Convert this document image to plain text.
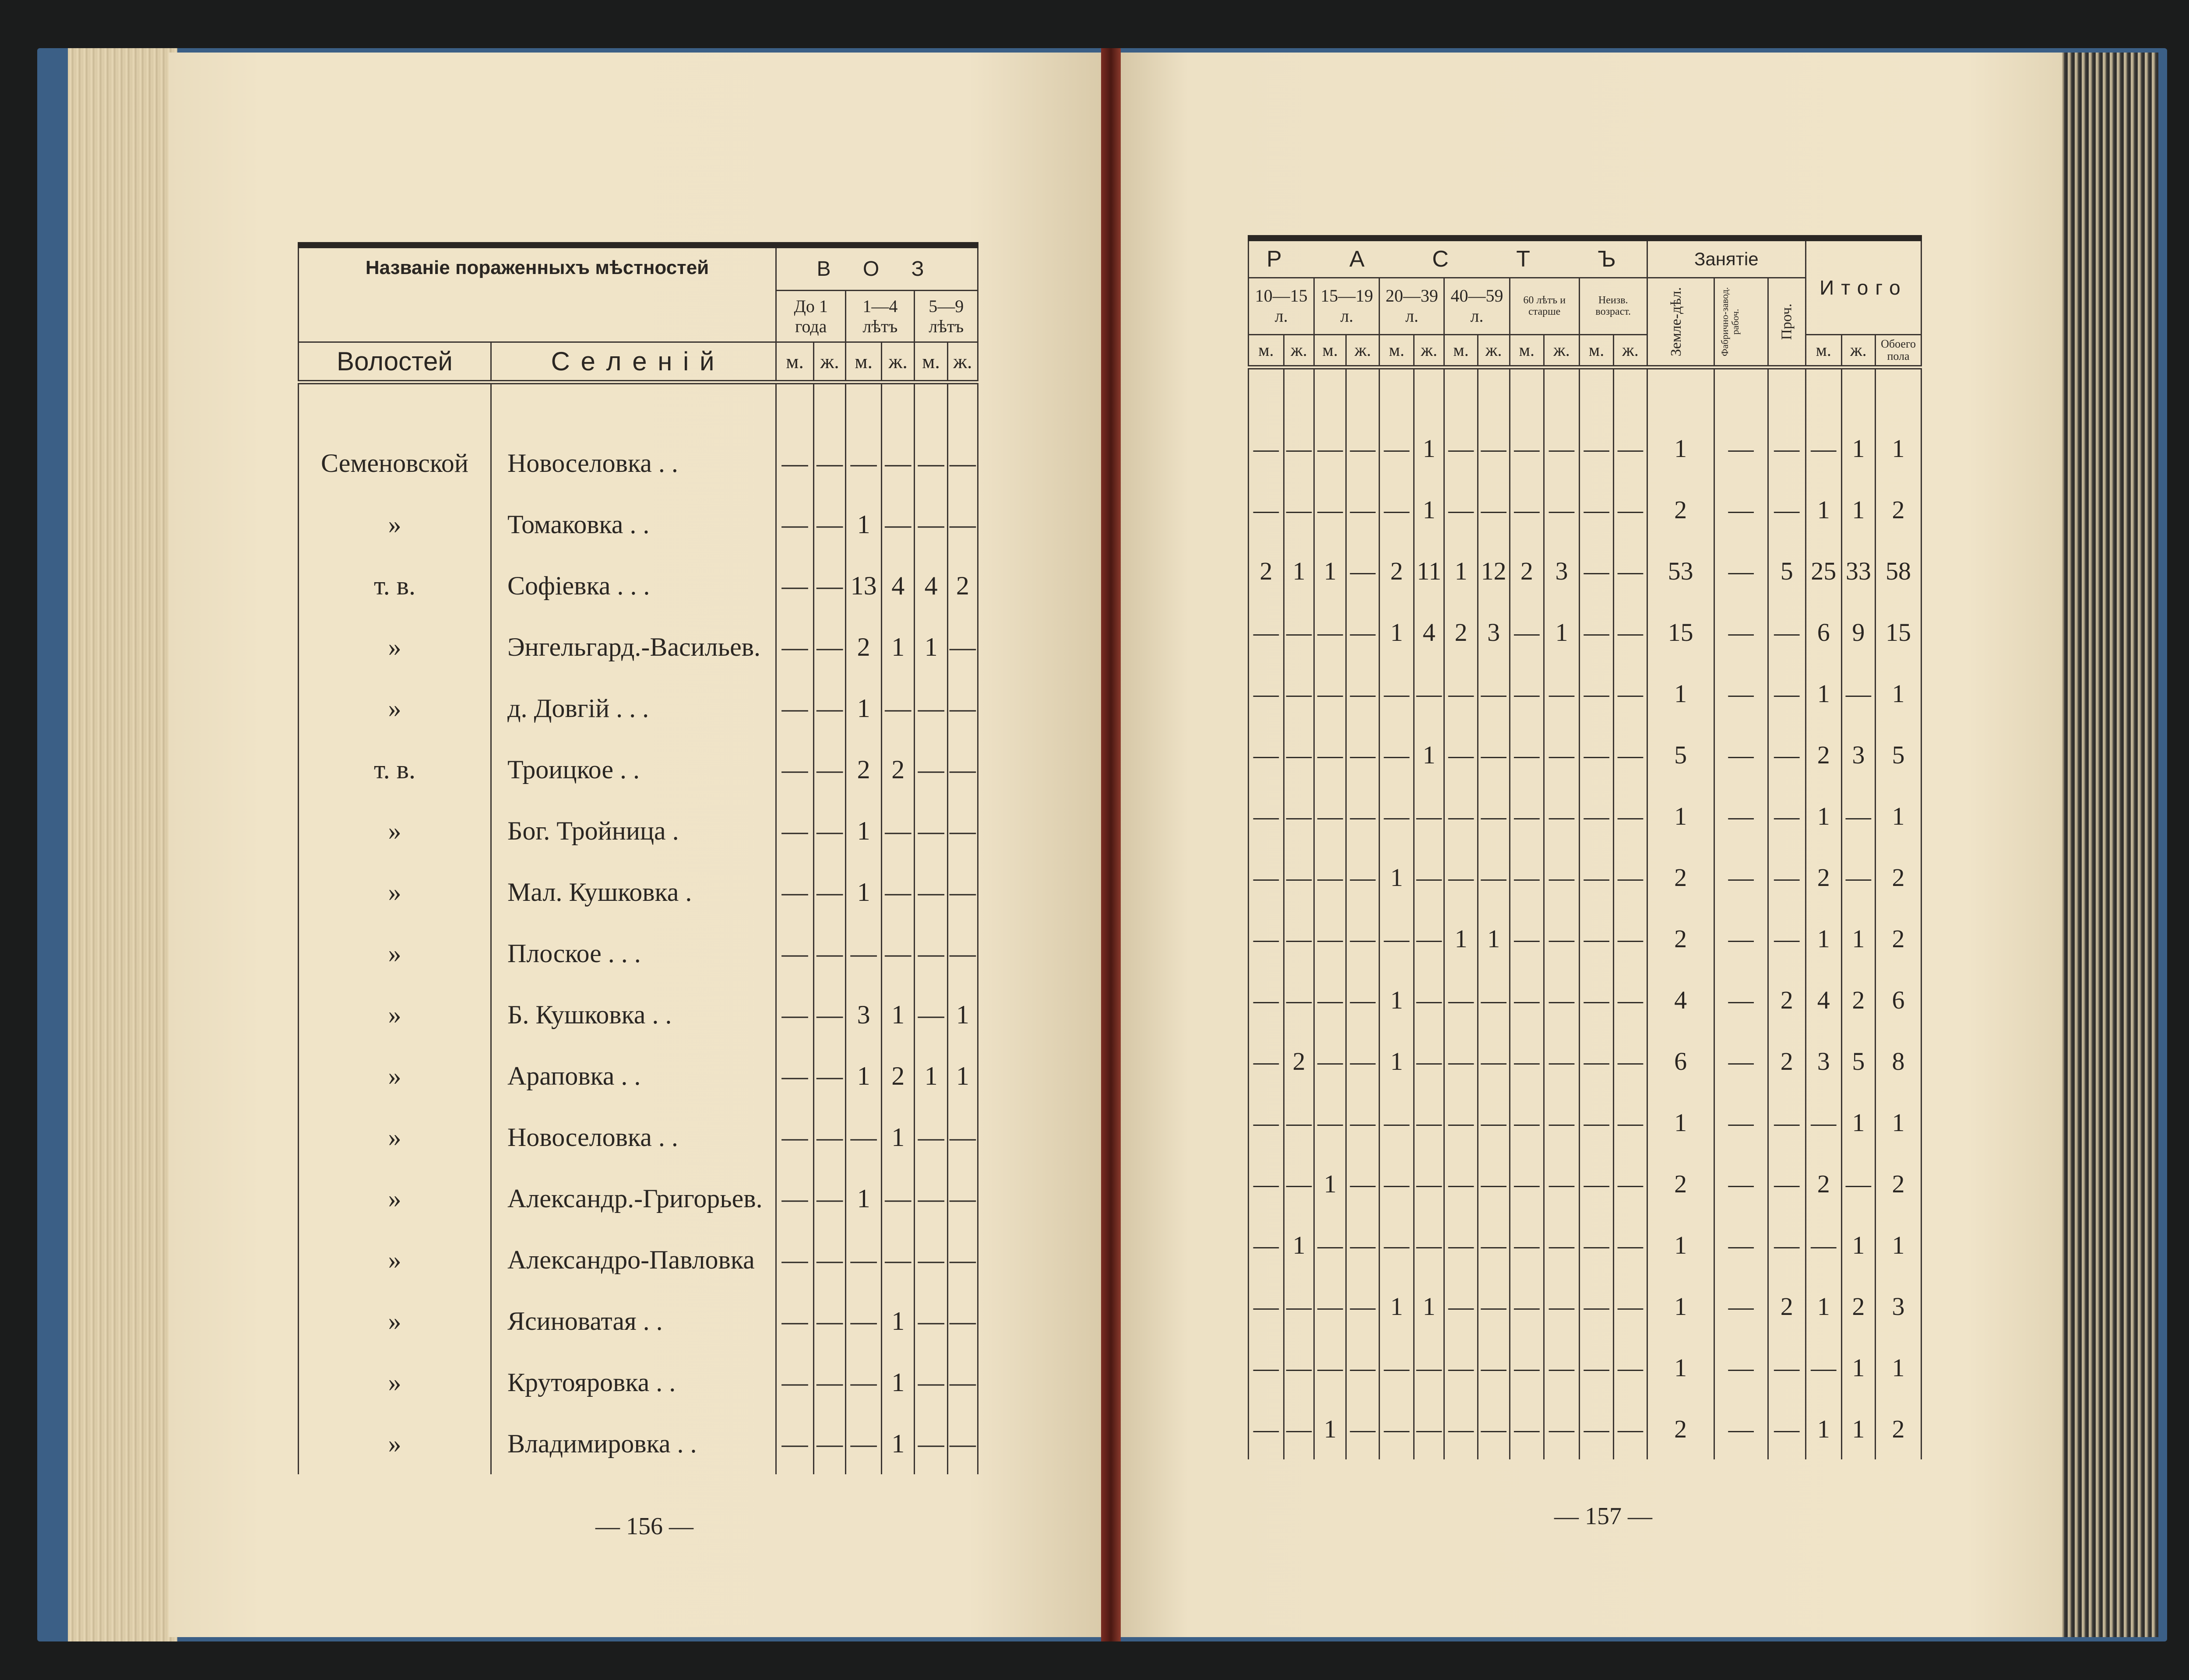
Названіе пораженныхъ мѣстностей		В О З					
		До 1 года		1—4 лѣтъ		5—9 лѣтъ	
Волостей	С е л е н і й	м.	ж.	м.	ж.	м.	ж.

Семеновской	Новоселовка . .	—	—	—	—	—	—
»	Томаковка . .	—	—	1	—	—	—
т. в.	Софіевка . . .	—	—	13	4	4	2
»	Энгельгард.-Васильев.	—	—	2	1	1	—
»	д. Довгій . . .	—	—	1	—	—	—
т. в.	Троицкое . .	—	—	2	2	—	—
»	Бог. Тройница .	—	—	1	—	—	—
»	Мал. Кушковка .	—	—	1	—	—	—
»	Плоское . . .	—	—	—	—	—	—
»	Б. Кушковка . .	—	—	3	1	—	1
»	Араповка . .	—	—	1	2	1	1
»	Новоселовка . .	—	—	—	1	—	—
»	Александр.-Григорьев.	—	—	1	—	—	—
»	Александро-Павловка	—	—	—	—	—	—
»	Ясиноватая . .	—	—	—	1	—	—
»	Крутояровка . .	—	—	—	1	—	—
»	Владимировка . .	—	—	—	1	—	—
— 156 —
Р А С Т Ъ												Занятіе			Итого		
10—15 л.		15—19 л.		20—39 л.		40—59 л.		60 лѣтъ и старше		Неизв. возраст.		Земле-дѣл.	Фабрично-завод. рабоч.	Проч.			

м.	ж.	м.	ж.	м.	ж.	м.	ж.	м.	ж.	м.	ж.				м.	ж.	Обоего пола

—	—	—	—	—	1	—	—	—	—	—	—	1	—	—	—	1	1
—	—	—	—	—	1	—	—	—	—	—	—	2	—	—	1	1	2
2	1	1	—	2	11	1	12	2	3	—	—	53	—	5	25	33	58
—	—	—	—	1	4	2	3	—	1	—	—	15	—	—	6	9	15
—	—	—	—	—	—	—	—	—	—	—	—	1	—	—	1	—	1
—	—	—	—	—	1	—	—	—	—	—	—	5	—	—	2	3	5
—	—	—	—	—	—	—	—	—	—	—	—	1	—	—	1	—	1
—	—	—	—	1	—	—	—	—	—	—	—	2	—	—	2	—	2
—	—	—	—	—	—	1	1	—	—	—	—	2	—	—	1	1	2
—	—	—	—	1	—	—	—	—	—	—	—	4	—	2	4	2	6
—	2	—	—	1	—	—	—	—	—	—	—	6	—	2	3	5	8
—	—	—	—	—	—	—	—	—	—	—	—	1	—	—	—	1	1
—	—	1	—	—	—	—	—	—	—	—	—	2	—	—	2	—	2
—	1	—	—	—	—	—	—	—	—	—	—	1	—	—	—	1	1
—	—	—	—	1	1	—	—	—	—	—	—	1	—	2	1	2	3
—	—	—	—	—	—	—	—	—	—	—	—	1	—	—	—	1	1
—	—	1	—	—	—	—	—	—	—	—	—	2	—	—	1	1	2
— 157 —
